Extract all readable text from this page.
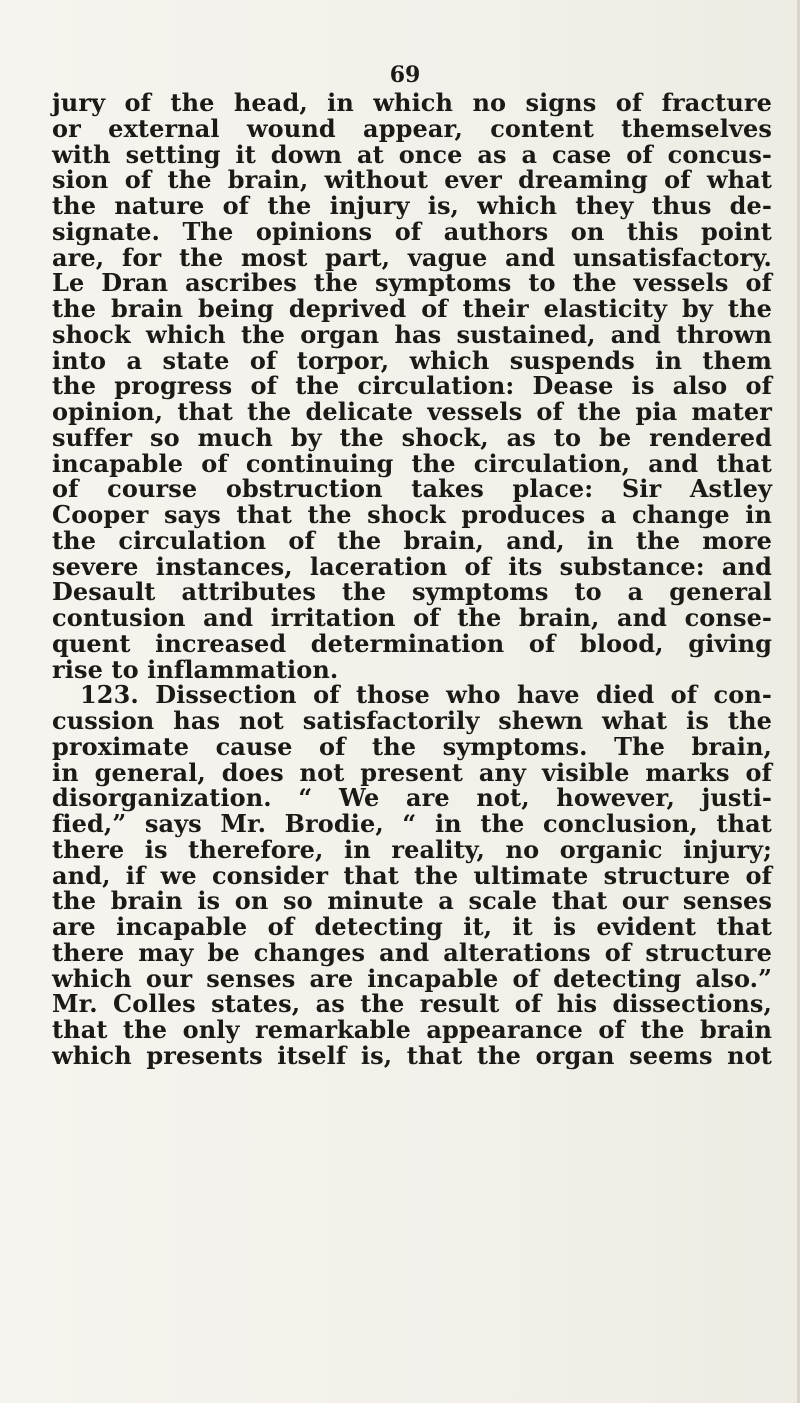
69
jury of the head, in which no signs of fracture
or external wound appear, content themselves
with setting it down at once as a case of concus-
sion of the brain, without ever dreaming of what
the nature of the injury is, which they thus de-
signate. The opinions of authors on this point
are, for the most part, vague and unsatisfactory.
Le Dran ascribes the symptoms to the vessels of
the brain being deprived of their elasticity by the
shock which the organ has sustained, and thrown
into a state of torpor, which suspends in them
the progress of the circulation: Dease is also of
opinion, that the delicate vessels of the pia mater
suffer so much by the shock, as to be rendered
incapable of continuing the circulation, and that
of course obstruction takes place: Sir Astley
Cooper says that the shock produces a change in
the circulation of the brain, and, in the more
severe instances, laceration of its substance: and
Desault attributes the symptoms to a general
contusion and irritation of the brain, and conse-
quent increased determination of blood, giving
rise to inflammation.
123. Dissection of those who have died of con-
cussion has not satisfactorily shewn what is the
proximate cause of the symptoms. The brain,
in general, does not present any visible marks of
disorganization. “ We are not, however, justi-
fied,” says Mr. Brodie, “ in the conclusion, that
there is therefore, in reality, no organic injury;
and, if we consider that the ultimate structure of
the brain is on so minute a scale that our senses
are incapable of detecting it, it is evident that
there may be changes and alterations of structure
which our senses are incapable of detecting also.”
Mr. Colles states, as the result of his dissections,
that the only remarkable appearance of the brain
which presents itself is, that the organ seems not
